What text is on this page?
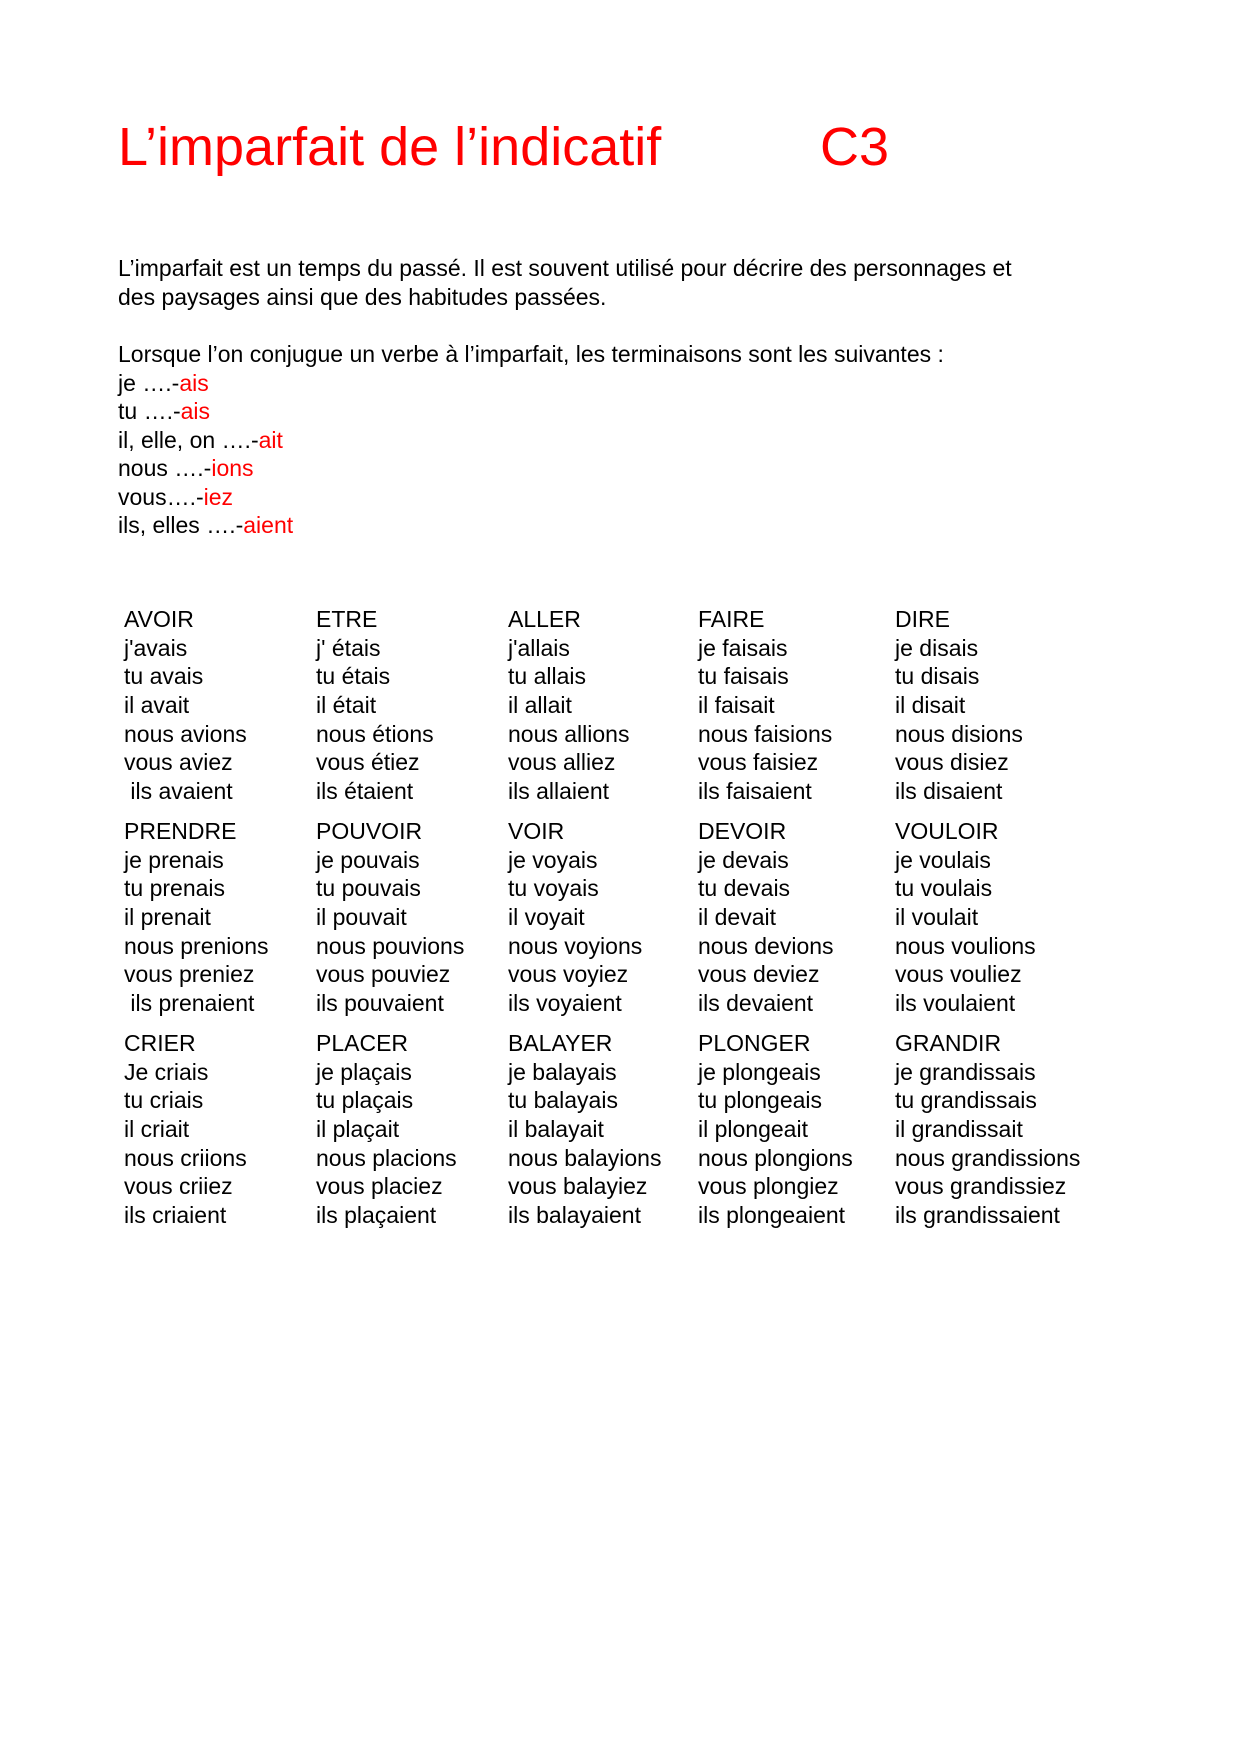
L’imparfait de l’indicatif	C3

L’imparfait est un temps du passé. Il est souvent utilisé pour décrire des personnages et

des paysages ainsi que des habitudes passées.

Lorsque l’on conjugue un verbe à l’imparfait, les terminaisons sont les suivantes :
je ….-ais
tu ….-ais
il, elle, on ….-ait
nous ….-ions
vous….-iez
ils, elles ….-aient
AVOIR
j'avais
tu avais
il avait
nous avions
vous aviez
ils avaient
ETRE
j' étais
tu étais
il était
nous étions
vous étiez
ils étaient
ALLER
j'allais
tu allais
il allait
nous allions
vous alliez
ils allaient
FAIRE
je faisais
tu faisais
il faisait
nous faisions
vous faisiez
ils faisaient
DIRE
je disais
tu disais
il disait
nous disions
vous disiez
ils disaient
PRENDRE
je prenais
tu prenais
il prenait
nous prenions
vous preniez
ils prenaient
POUVOIR
je pouvais
tu pouvais
il pouvait
nous pouvions
vous pouviez
ils pouvaient
VOIR
je voyais
tu voyais
il voyait
nous voyions
vous voyiez
ils voyaient
DEVOIR
je devais
tu devais
il devait
nous devions
vous deviez
ils devaient
VOULOIR
je voulais
tu voulais
il voulait
nous voulions
vous vouliez
ils voulaient
CRIER
Je criais
tu criais
il criait
nous criions
vous criiez
ils criaient
PLACER
je plaçais
tu plaçais
il plaçait
nous placions
vous placiez
ils plaçaient
BALAYER
je balayais
tu balayais
il balayait
nous balayions
vous balayiez
ils balayaient
PLONGER
je plongeais
tu plongeais
il plongeait
nous plongions
vous plongiez
ils plongeaient
GRANDIR
je grandissais
tu grandissais
il grandissait
nous grandissions
vous grandissiez
ils grandissaient
